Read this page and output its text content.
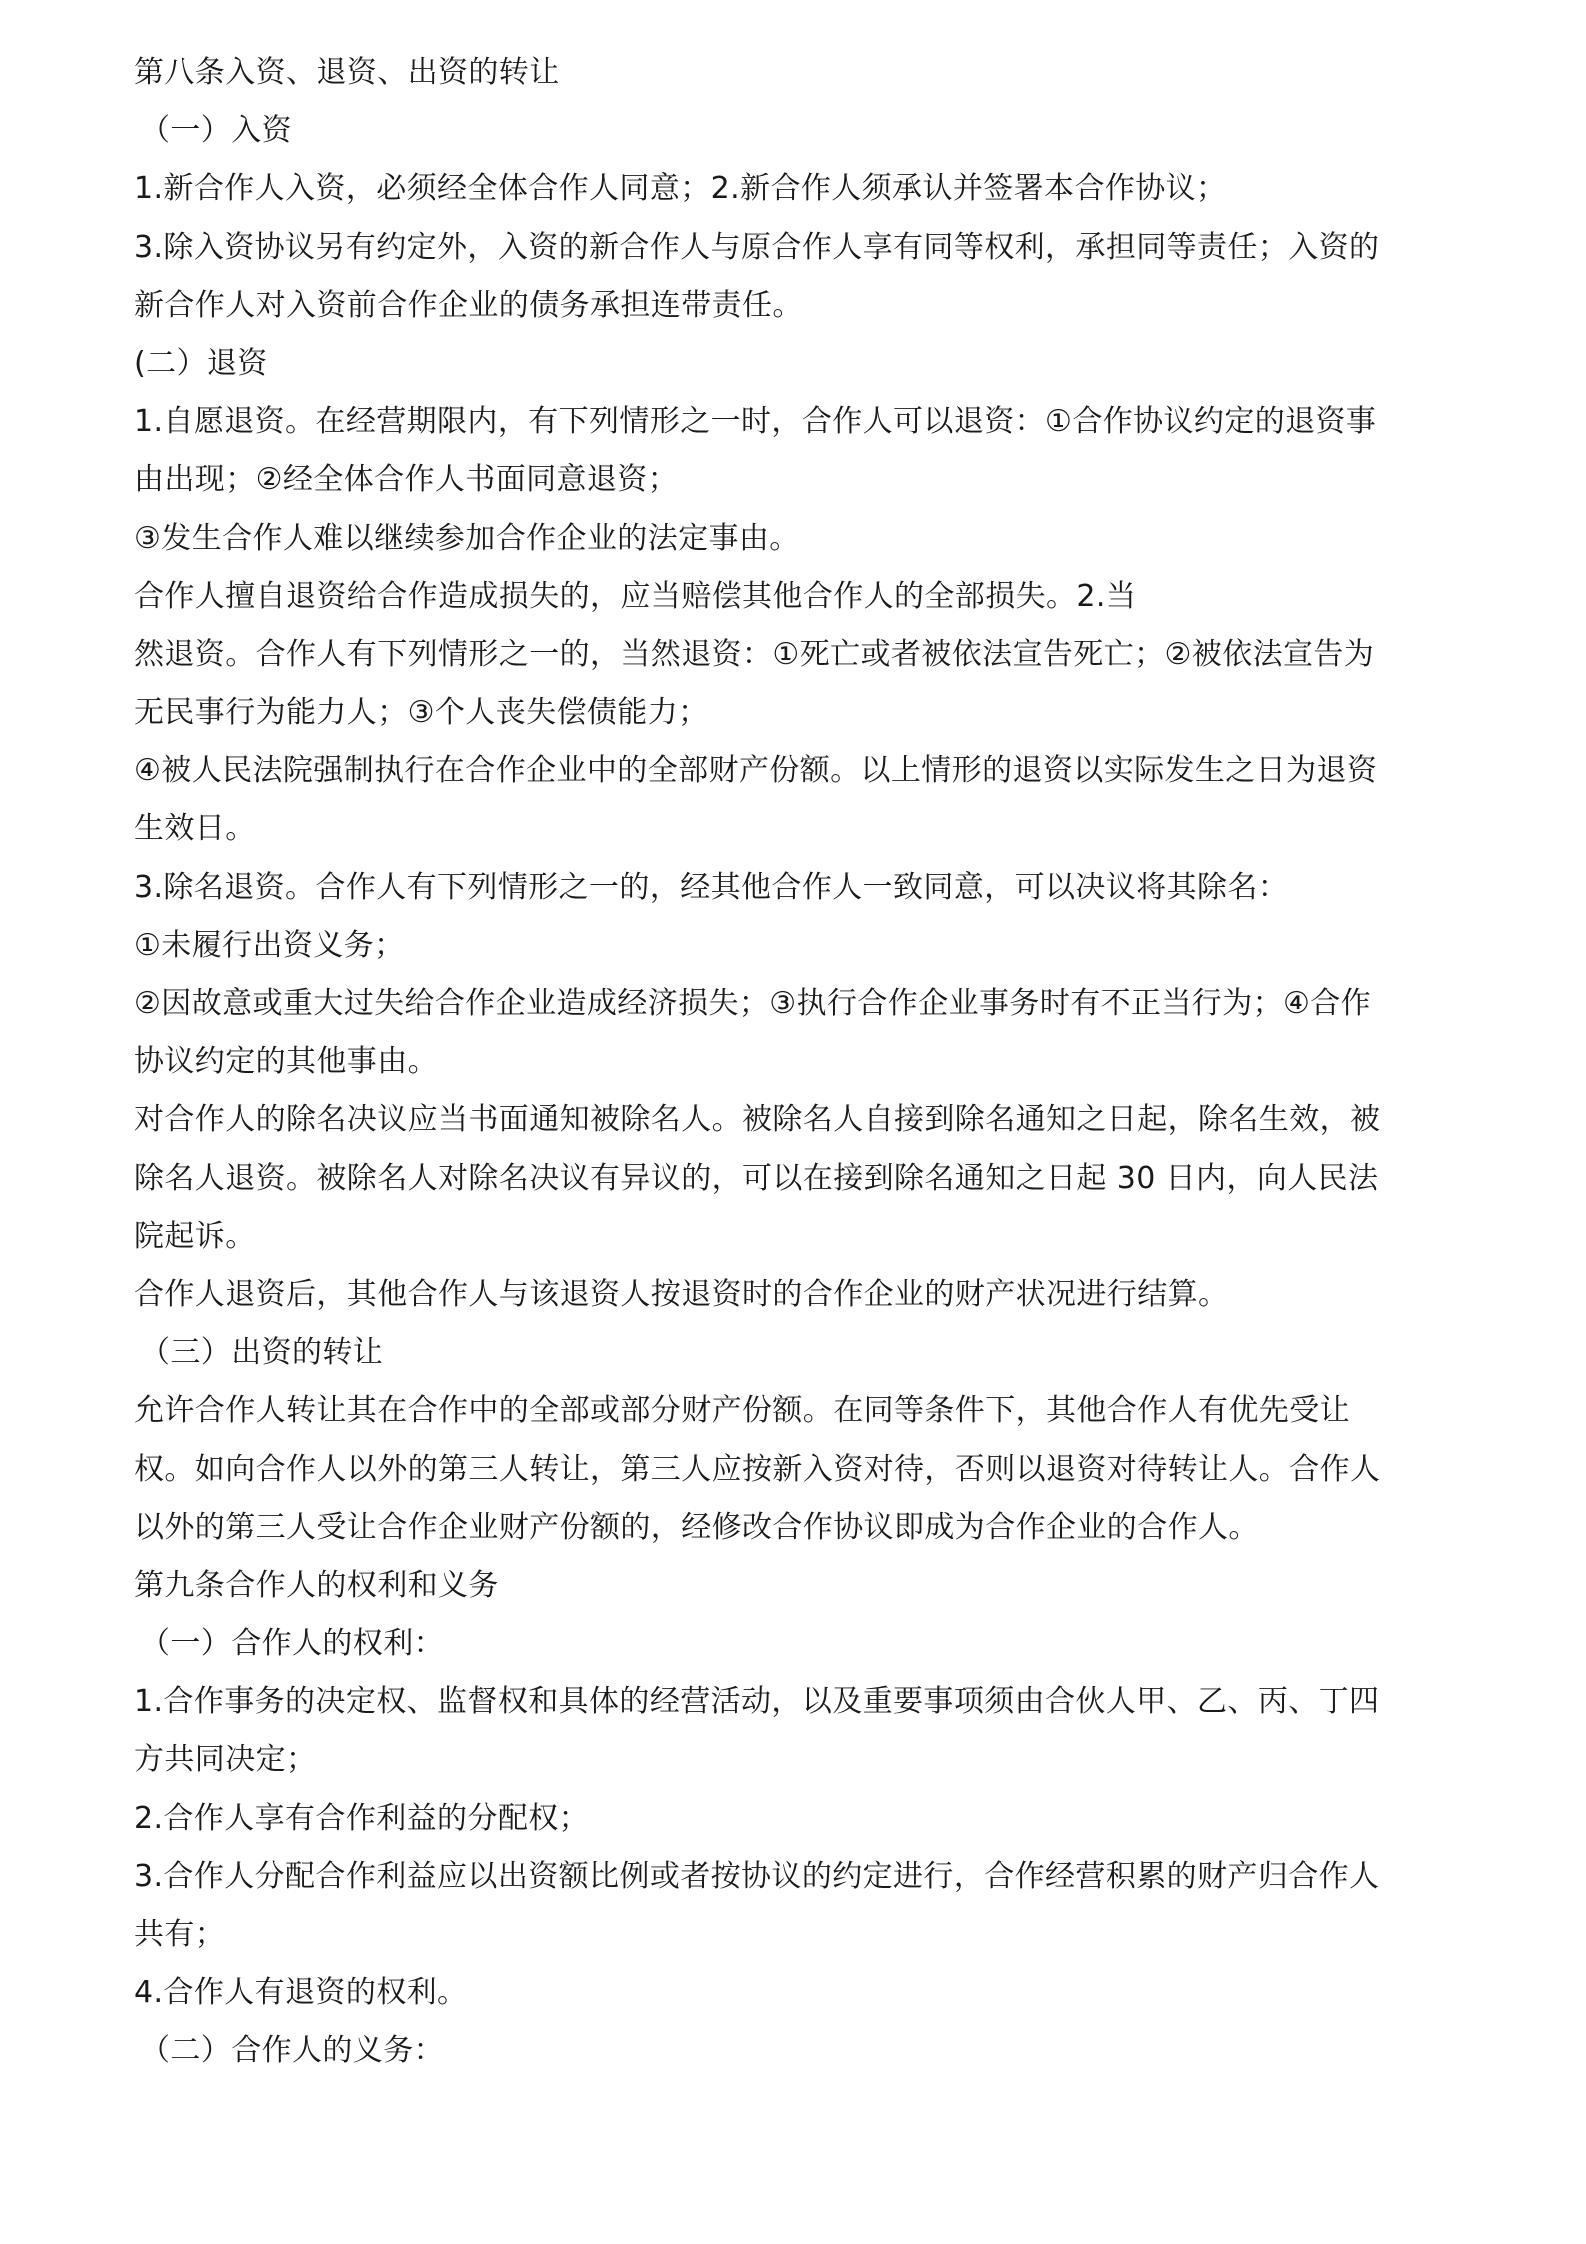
第八条入资、退资、出资的转让
（一）入资
1.新合作人入资，必须经全体合作人同意；2.新合作人须承认并签署本合作协议；
3.除入资协议另有约定外，入资的新合作人与原合作人享有同等权利，承担同等责任；入资的
新合作人对入资前合作企业的债务承担连带责任。
(二）退资
1.自愿退资。在经营期限内，有下列情形之一时，合作人可以退资：①合作协议约定的退资事
由出现；②经全体合作人书面同意退资；
③发生合作人难以继续参加合作企业的法定事由。
合作人擅自退资给合作造成损失的，应当赔偿其他合作人的全部损失。2.当
然退资。合作人有下列情形之一的，当然退资：①死亡或者被依法宣告死亡；②被依法宣告为
无民事行为能力人；③个人丧失偿债能力；
④被人民法院强制执行在合作企业中的全部财产份额。以上情形的退资以实际发生之日为退资
生效日。
3.除名退资。合作人有下列情形之一的，经其他合作人一致同意，可以决议将其除名：
①未履行出资义务；
②因故意或重大过失给合作企业造成经济损失；③执行合作企业事务时有不正当行为；④合作
协议约定的其他事由。
对合作人的除名决议应当书面通知被除名人。被除名人自接到除名通知之日起，除名生效，被
除名人退资。被除名人对除名决议有异议的，可以在接到除名通知之日起 30 日内，向人民法
院起诉。
合作人退资后，其他合作人与该退资人按退资时的合作企业的财产状况进行结算。
（三）出资的转让
允许合作人转让其在合作中的全部或部分财产份额。在同等条件下，其他合作人有优先受让
权。如向合作人以外的第三人转让，第三人应按新入资对待，否则以退资对待转让人。合作人
以外的第三人受让合作企业财产份额的，经修改合作协议即成为合作企业的合作人。
第九条合作人的权利和义务
（一）合作人的权利：
1.合作事务的决定权、监督权和具体的经营活动，以及重要事项须由合伙人甲、乙、丙、丁四
方共同决定；
2.合作人享有合作利益的分配权；
3.合作人分配合作利益应以出资额比例或者按协议的约定进行，合作经营积累的财产归合作人
共有；
4.合作人有退资的权利。
（二）合作人的义务：
